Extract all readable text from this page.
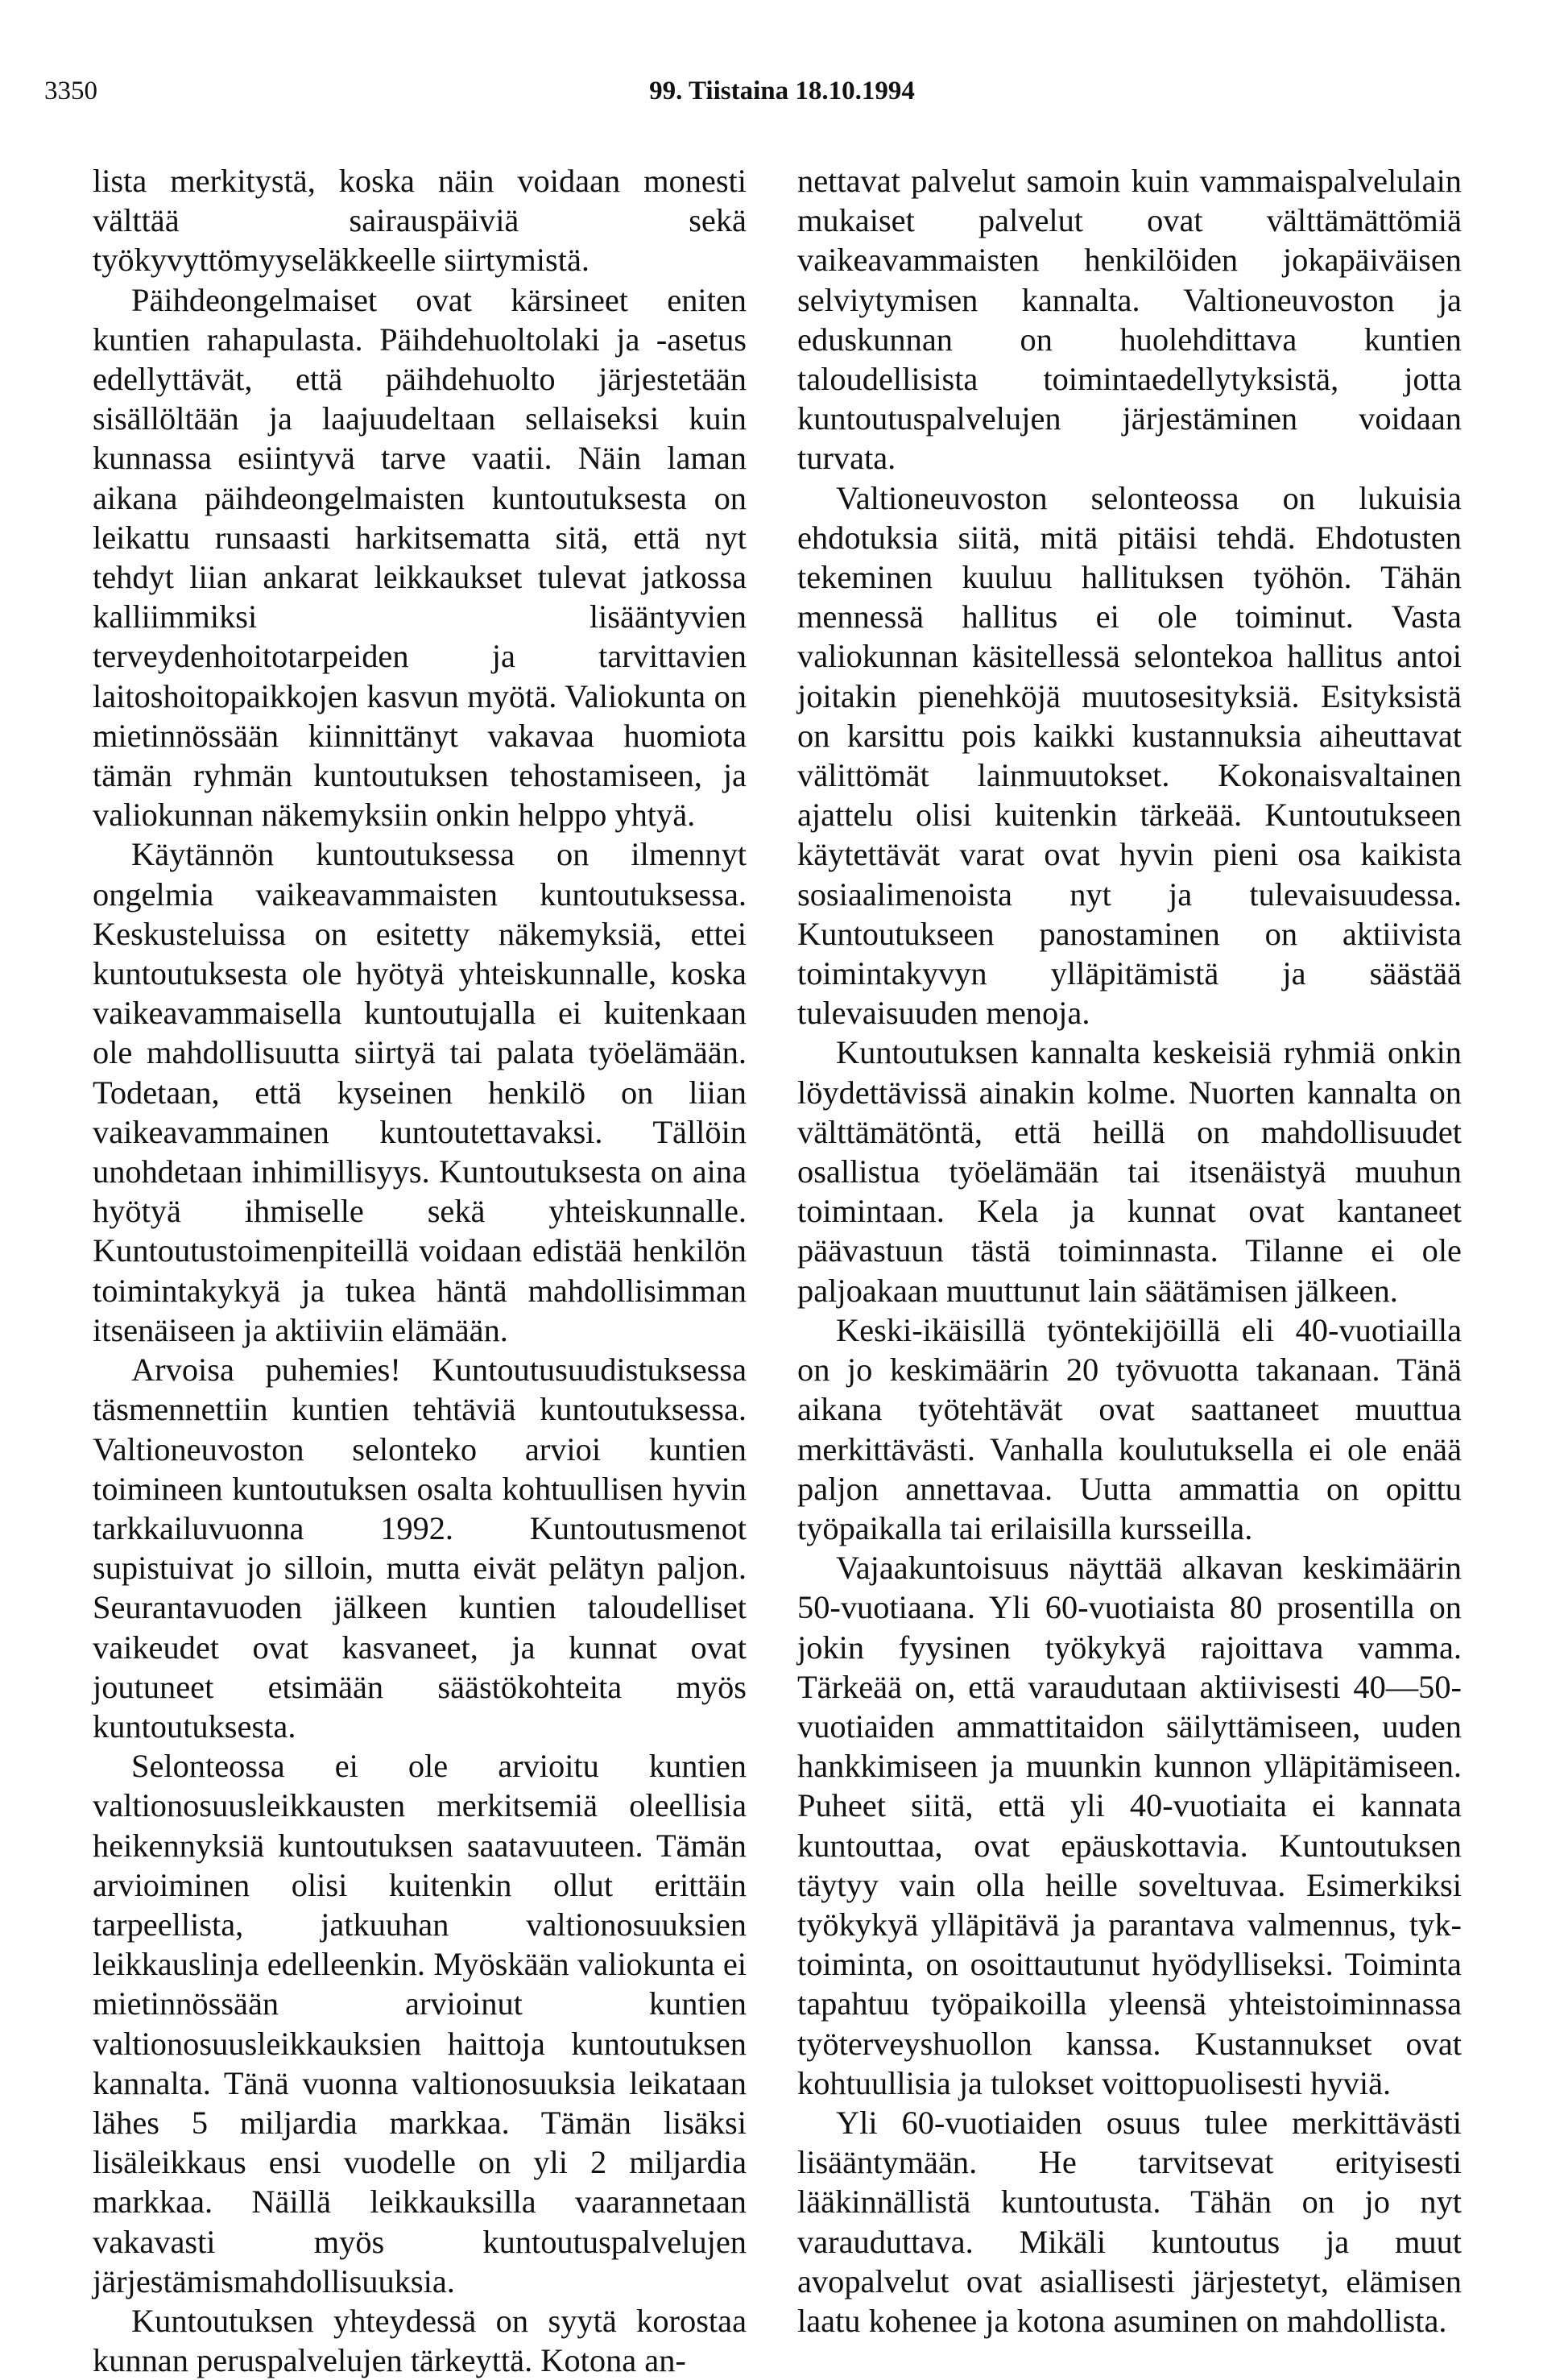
3350	99. Tiistaina 18.10.1994

lista merkitystä, koska näin voidaan monesti välttää sairauspäiviä sekä työkyvyttömyyseläkkeelle siirtymistä.

Päihdeongelmaiset ovat kärsineet eniten kuntien rahapulasta. Päihdehuoltolaki ja -asetus edellyttävät, että päihdehuolto järjestetään sisällöltään ja laajuudeltaan sellaiseksi kuin kunnassa esiintyvä tarve vaatii. Näin laman aikana päihdeongelmaisten kuntoutuksesta on leikattu runsaasti harkitsematta sitä, että nyt tehdyt liian ankarat leikkaukset tulevat jatkossa kalliimmiksi lisääntyvien terveydenhoitotarpeiden ja tarvittavien laitoshoitopaikkojen kasvun myötä. Valiokunta on mietinnössään kiinnittänyt vakavaa huomiota tämän ryhmän kuntoutuksen tehostamiseen, ja valiokunnan näkemyksiin onkin helppo yhtyä.

Käytännön kuntoutuksessa on ilmennyt ongelmia vaikeavammaisten kuntoutuksessa. Keskusteluissa on esitetty näkemyksiä, ettei kuntoutuksesta ole hyötyä yhteiskunnalle, koska vaikeavammaisella kuntoutujalla ei kuitenkaan ole mahdollisuutta siirtyä tai palata työelämään. Todetaan, että kyseinen henkilö on liian vaikeavammainen kuntoutettavaksi. Tällöin unohdetaan inhimillisyys. Kuntoutuksesta on aina hyötyä ihmiselle sekä yhteiskunnalle. Kuntoutustoimenpiteillä voidaan edistää henkilön toimintakykyä ja tukea häntä mahdollisimman itsenäiseen ja aktiiviin elämään.

Arvoisa puhemies! Kuntoutusuudistuksessa täsmennettiin kuntien tehtäviä kuntoutuksessa. Valtioneuvoston selonteko arvioi kuntien toimineen kuntoutuksen osalta kohtuullisen hyvin tarkkailuvuonna 1992. Kuntoutusmenot supistuivat jo silloin, mutta eivät pelätyn paljon. Seurantavuoden jälkeen kuntien taloudelliset vaikeudet ovat kasvaneet, ja kunnat ovat joutuneet etsimään säästökohteita myös kuntoutuksesta.

Selonteossa ei ole arvioitu kuntien valtionosuusleikkausten merkitsemiä oleellisia heikennyksiä kuntoutuksen saatavuuteen. Tämän arvioiminen olisi kuitenkin ollut erittäin tarpeellista, jatkuuhan valtionosuuksien leikkauslinja edelleenkin. Myöskään valiokunta ei mietinnössään arvioinut kuntien valtionosuusleikkauksien haittoja kuntoutuksen kannalta. Tänä vuonna valtionosuuksia leikataan lähes 5 miljardia markkaa. Tämän lisäksi lisäleikkaus ensi vuodelle on yli 2 miljardia markkaa. Näillä leikkauksilla vaarannetaan vakavasti myös kuntoutuspalvelujen järjestämismahdollisuuksia.

Kuntoutuksen yhteydessä on syytä korostaa kunnan peruspalvelujen tärkeyttä. Kotona an-

nettavat palvelut samoin kuin vammaispalvelulain mukaiset palvelut ovat välttämättömiä vaikeavammaisten henkilöiden jokapäiväisen selviytymisen kannalta. Valtioneuvoston ja eduskunnan on huolehdittava kuntien taloudellisista toimintaedellytyksistä, jotta kuntoutuspalvelujen järjestäminen voidaan turvata.

Valtioneuvoston selonteossa on lukuisia ehdotuksia siitä, mitä pitäisi tehdä. Ehdotusten tekeminen kuuluu hallituksen työhön. Tähän mennessä hallitus ei ole toiminut. Vasta valiokunnan käsitellessä selontekoa hallitus antoi joitakin pienehköjä muutosesityksiä. Esityksistä on karsittu pois kaikki kustannuksia aiheuttavat välittömät lainmuutokset. Kokonaisvaltainen ajattelu olisi kuitenkin tärkeää. Kuntoutukseen käytettävät varat ovat hyvin pieni osa kaikista sosiaalimenoista nyt ja tulevaisuudessa. Kuntoutukseen panostaminen on aktiivista toimintakyvyn ylläpitämistä ja säästää tulevaisuuden menoja.

Kuntoutuksen kannalta keskeisiä ryhmiä onkin löydettävissä ainakin kolme. Nuorten kannalta on välttämätöntä, että heillä on mahdollisuudet osallistua työelämään tai itsenäistyä muuhun toimintaan. Kela ja kunnat ovat kantaneet päävastuun tästä toiminnasta. Tilanne ei ole paljoakaan muuttunut lain säätämisen jälkeen.

Keski-ikäisillä työntekijöillä eli 40-vuotiailla on jo keskimäärin 20 työvuotta takanaan. Tänä aikana työtehtävät ovat saattaneet muuttua merkittävästi. Vanhalla koulutuksella ei ole enää paljon annettavaa. Uutta ammattia on opittu työpaikalla tai erilaisilla kursseilla.

Vajaakuntoisuus näyttää alkavan keskimäärin 50-vuotiaana. Yli 60-vuotiaista 80 prosentilla on jokin fyysinen työkykyä rajoittava vamma. Tärkeää on, että varaudutaan aktiivisesti 40—50-vuotiaiden ammattitaidon säilyttämiseen, uuden hankkimiseen ja muunkin kunnon ylläpitämiseen. Puheet siitä, että yli 40-vuotiaita ei kannata kuntouttaa, ovat epäuskottavia. Kuntoutuksen täytyy vain olla heille soveltuvaa. Esimerkiksi työkykyä ylläpitävä ja parantava valmennus, tyk-toiminta, on osoittautunut hyödylliseksi. Toiminta tapahtuu työpaikoilla yleensä yhteistoiminnassa työterveyshuollon kanssa. Kustannukset ovat kohtuullisia ja tulokset voittopuolisesti hyviä.

Yli 60-vuotiaiden osuus tulee merkittävästi lisääntymään. He tarvitsevat erityisesti lääkinnällistä kuntoutusta. Tähän on jo nyt varauduttava. Mikäli kuntoutus ja muut avopalvelut ovat asiallisesti järjestetyt, elämisen laatu kohenee ja kotona asuminen on mahdollista.
